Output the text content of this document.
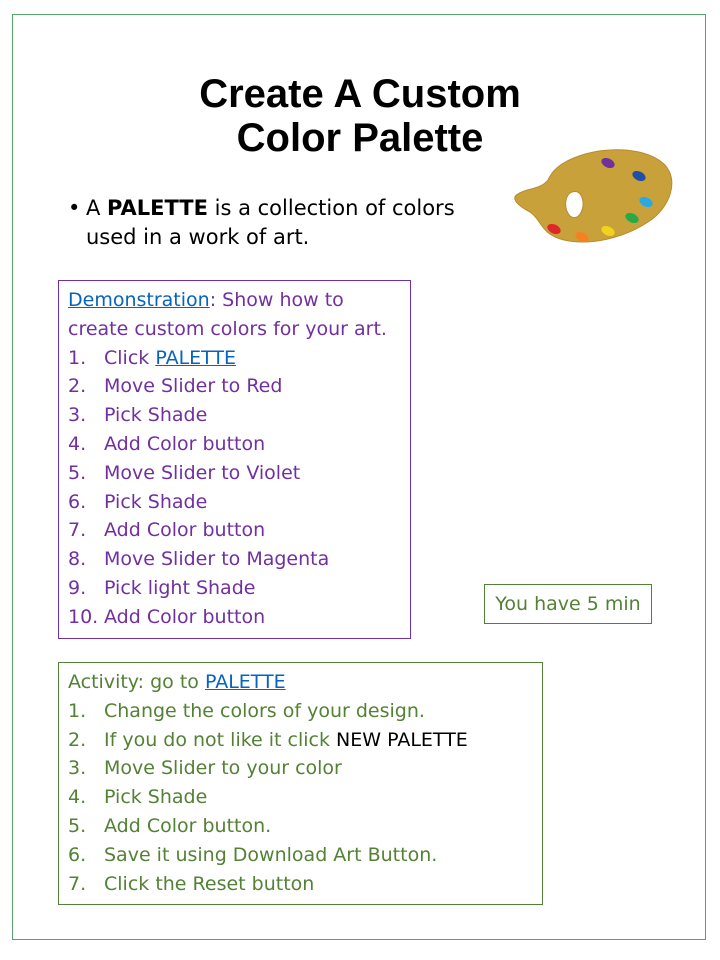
Create A Custom
Color Palette
• A PALETTE is a collection of colors used in a work of art.

Demonstration: Show how to create custom colors for your art.

1. Click PALETTE
2. Move Slider to Red
3. Pick Shade
4. Add Color button
5. Move Slider to Violet
6. Pick Shade
7. Add Color button
8. Move Slider to Magenta
9. Pick light Shade
10. Add Color button
You have 5 min

Activity: go to PALETTE

1. Change the colors of your design.
2. If you do not like it click NEW PALETTE
3. Move Slider to your color
4. Pick Shade
5. Add Color button.
6. Save it using Download Art Button.
7. Click the Reset button
